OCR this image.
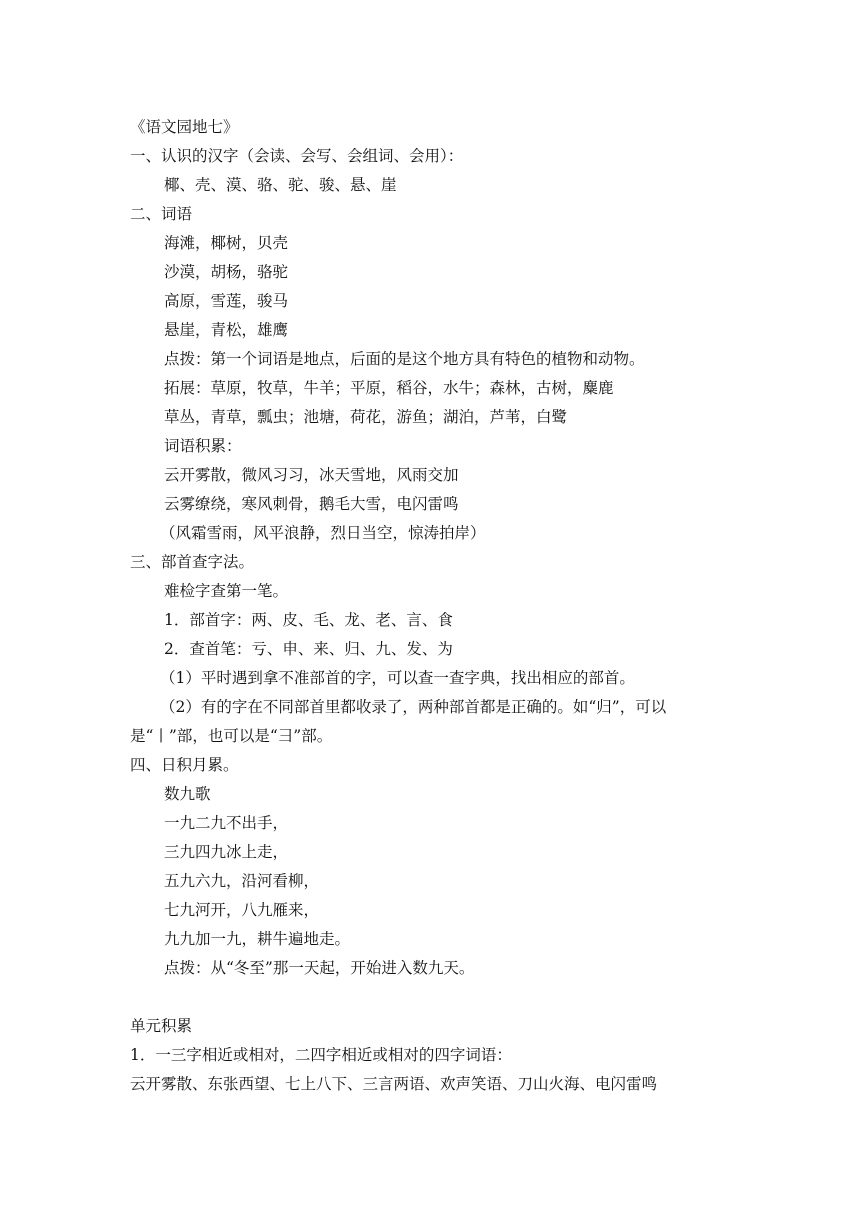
《语文园地七》
一、认识的汉字（会读、会写、会组词、会用）：
椰、壳、漠、骆、驼、骏、悬、崖
二、词语
海滩，椰树，贝壳
沙漠，胡杨，骆驼
高原，雪莲，骏马
悬崖，青松，雄鹰
点拨：第一个词语是地点，后面的是这个地方具有特色的植物和动物。
拓展：草原，牧草，牛羊；平原，稻谷，水牛；森林，古树，麋鹿
草丛，青草，瓢虫；池塘，荷花，游鱼；湖泊，芦苇，白鹭
词语积累：
云开雾散，微风习习，冰天雪地，风雨交加
云雾缭绕，寒风刺骨，鹅毛大雪，电闪雷鸣
（风霜雪雨，风平浪静，烈日当空，惊涛拍岸）
三、部首查字法。
难检字查第一笔。
1．部首字：两、皮、毛、龙、老、言、食
2．查首笔：亏、申、来、归、九、发、为
（1）平时遇到拿不准部首的字，可以查一查字典，找出相应的部首。
（2）有的字在不同部首里都收录了，两种部首都是正确的。如“归”，可以
是“丨”部，也可以是“彐”部。
四、日积月累。
数九歌
一九二九不出手，
三九四九冰上走，
五九六九，沿河看柳，
七九河开，八九雁来，
九九加一九，耕牛遍地走。
点拨：从“冬至”那一天起，开始进入数九天。
单元积累
1．一三字相近或相对，二四字相近或相对的四字词语：
云开雾散、东张西望、七上八下、三言两语、欢声笑语、刀山火海、电闪雷鸣
